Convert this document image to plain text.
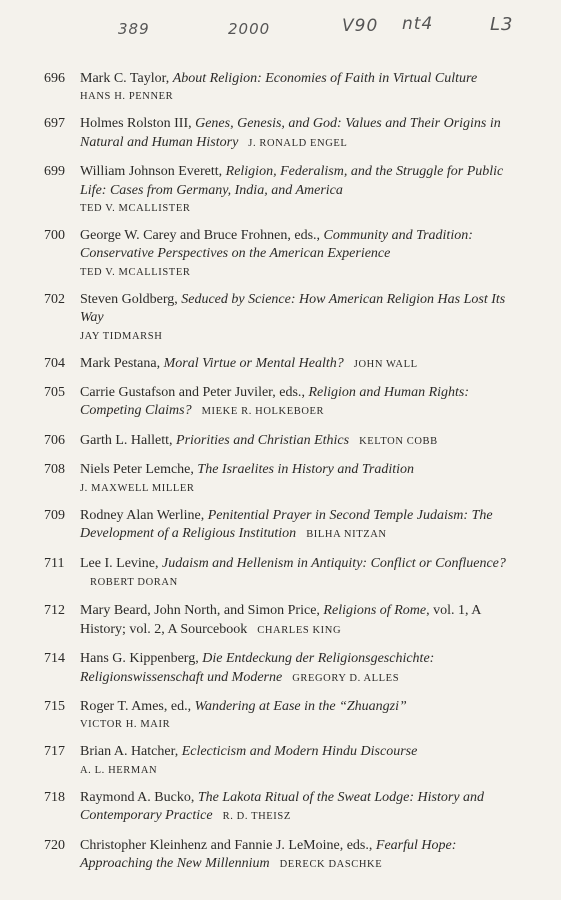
389	2000	V90 nt4	L3
696	Mark C. Taylor, About Religion: Economies of Faith in Virtual Culture
HANS H. PENNER
697	Holmes Rolston III, Genes, Genesis, and God: Values and Their Origins in Natural and Human History J. RONALD ENGEL
699	William Johnson Everett, Religion, Federalism, and the Struggle for Public Life: Cases from Germany, India, and America
TED V. MCALLISTER
700	George W. Carey and Bruce Frohnen, eds., Community and Tradition: Conservative Perspectives on the American Experience
TED V. MCALLISTER
702	Steven Goldberg, Seduced by Science: How American Religion Has Lost Its Way
JAY TIDMARSH
704	Mark Pestana, Moral Virtue or Mental Health? JOHN WALL
705	Carrie Gustafson and Peter Juviler, eds., Religion and Human Rights: Competing Claims? MIEKE R. HOLKEBOER
706	Garth L. Hallett, Priorities and Christian Ethics KELTON COBB
708	Niels Peter Lemche, The Israelites in History and Tradition
J. MAXWELL MILLER
709	Rodney Alan Werline, Penitential Prayer in Second Temple Judaism: The Development of a Religious Institution BILHA NITZAN
711	Lee I. Levine, Judaism and Hellenism in Antiquity: Conflict or Confluence?ROBERT DORAN
712	Mary Beard, John North, and Simon Price, Religions of Rome, vol. 1, A History; vol. 2, A Sourcebook CHARLES KING
714	Hans G. Kippenberg, Die Entdeckung der Religionsgeschichte: Religionswissenschaft und Moderne GREGORY D. ALLES
715	Roger T. Ames, ed., Wandering at Ease in the “Zhuangzi”
VICTOR H. MAIR
717	Brian A. Hatcher, Eclecticism and Modern Hindu Discourse
A. L. HERMAN
718	Raymond A. Bucko, The Lakota Ritual of the Sweat Lodge: History and Contemporary Practice R. D. THEISZ
720	Christopher Kleinhenz and Fannie J. LeMoine, eds., Fearful Hope: Approaching the New Millennium DERECK DASCHKE
